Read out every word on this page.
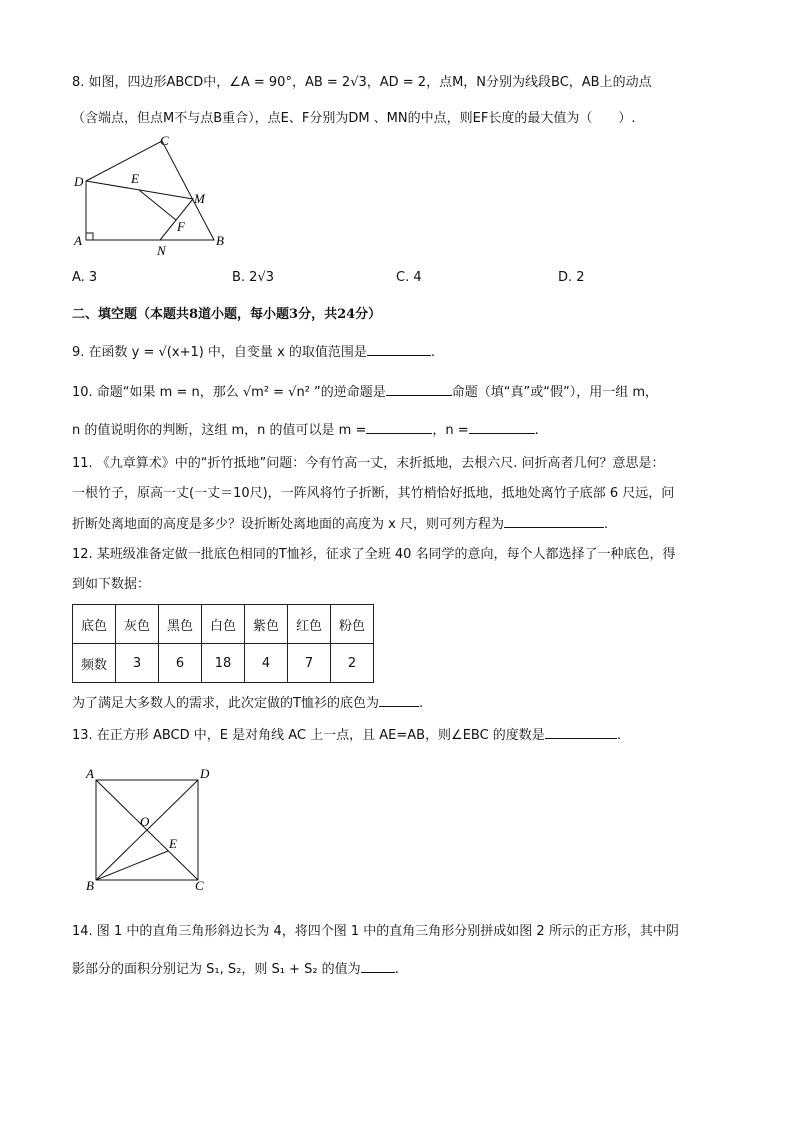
8. 如图，四边形ABCD中，∠A = 90°，AB = 2√3，AD = 2，点M，N分别为线段BC，AB上的动点
（含端点，但点M不与点B重合），点E、F分别为DM 、MN的中点，则EF长度的最大值为（　　）.
D
A	B
C
E
F
M
N
A. 3	B. 2√3	C. 4	D. 2
二、填空题（本题共8道小题，每小题3分，共24分）
9. 在函数 y = √(x+1) 中，自变量 x 的取值范围是	.
10. 命题“如果 m = n，那么 √m² = √n² ”的逆命题是	命题（填“真”或“假”），用一组 m，
n 的值说明你的判断，这组 m，n 的值可以是 m =	，n =	.
11. 《九章算术》中的“折竹抵地”问题：今有竹高一丈，末折抵地，去根六尺. 问折高者几何？意思是：
一根竹子，原高一丈(一丈＝10尺)，一阵风将竹子折断，其竹梢恰好抵地，抵地处离竹子底部 6 尺远，问
折断处离地面的高度是多少？设折断处离地面的高度为 x 尺，则可列方程为	.
12. 某班级准备定做一批底色相同的T恤衫，征求了全班 40 名同学的意向，每个人都选择了一种底色，得
到如下数据：
底色	灰色	黑色	白色	紫色	红色	粉色
频数	3	6	18	4	7	2
为了满足大多数人的需求，此次定做的T恤衫的底色为	.
13. 在正方形 ABCD 中，E 是对角线 AC 上一点，且 AE=AB，则∠EBC 的度数是	.
A	D
O
E
B	C
14. 图 1 中的直角三角形斜边长为 4，将四个图 1 中的直角三角形分别拼成如图 2 所示的正方形，其中阴
影部分的面积分别记为 S₁, S₂，则 S₁ + S₂ 的值为	.
